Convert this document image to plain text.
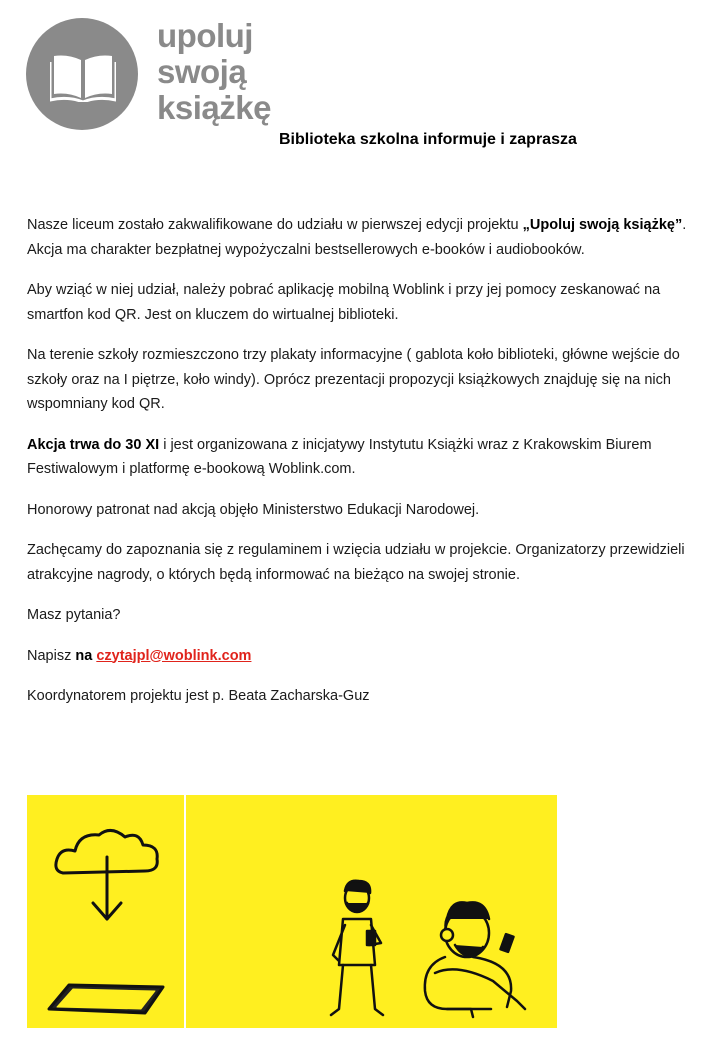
upoluj
swoją
książkę
Biblioteka szkolna informuje i zaprasza

Nasze liceum zostało zakwalifikowane do udziału w pierwszej edycji projektu „Upoluj swoją książkę”. Akcja ma charakter bezpłatnej wypożyczalni bestsellerowych e-booków i audiobooków.

Aby wziąć w niej udział, należy pobrać aplikację mobilną Woblink i przy jej pomocy zeskanować na smartfon kod QR. Jest on kluczem do wirtualnej biblioteki.

Na terenie szkoły rozmieszczono trzy plakaty informacyjne ( gablota koło biblioteki, główne wejście do szkoły oraz na I piętrze, koło windy). Oprócz prezentacji propozycji książkowych znajduję się na nich wspomniany kod QR.

Akcja trwa do 30 XI i jest organizowana z inicjatywy Instytutu Książki wraz z Krakowskim Biurem Festiwalowym i platformę e-bookową Woblink.com.

Honorowy patronat nad akcją objęło Ministerstwo Edukacji Narodowej.

Zachęcamy do zapoznania się z regulaminem i wzięcia udziału w projekcie. Organizatorzy przewidzieli atrakcyjne nagrody, o których będą informować na bieżąco na swojej stronie.

Masz pytania?

Napisz na czytajpl@woblink.com

Koordynatorem projektu jest p. Beata Zacharska-Guz
